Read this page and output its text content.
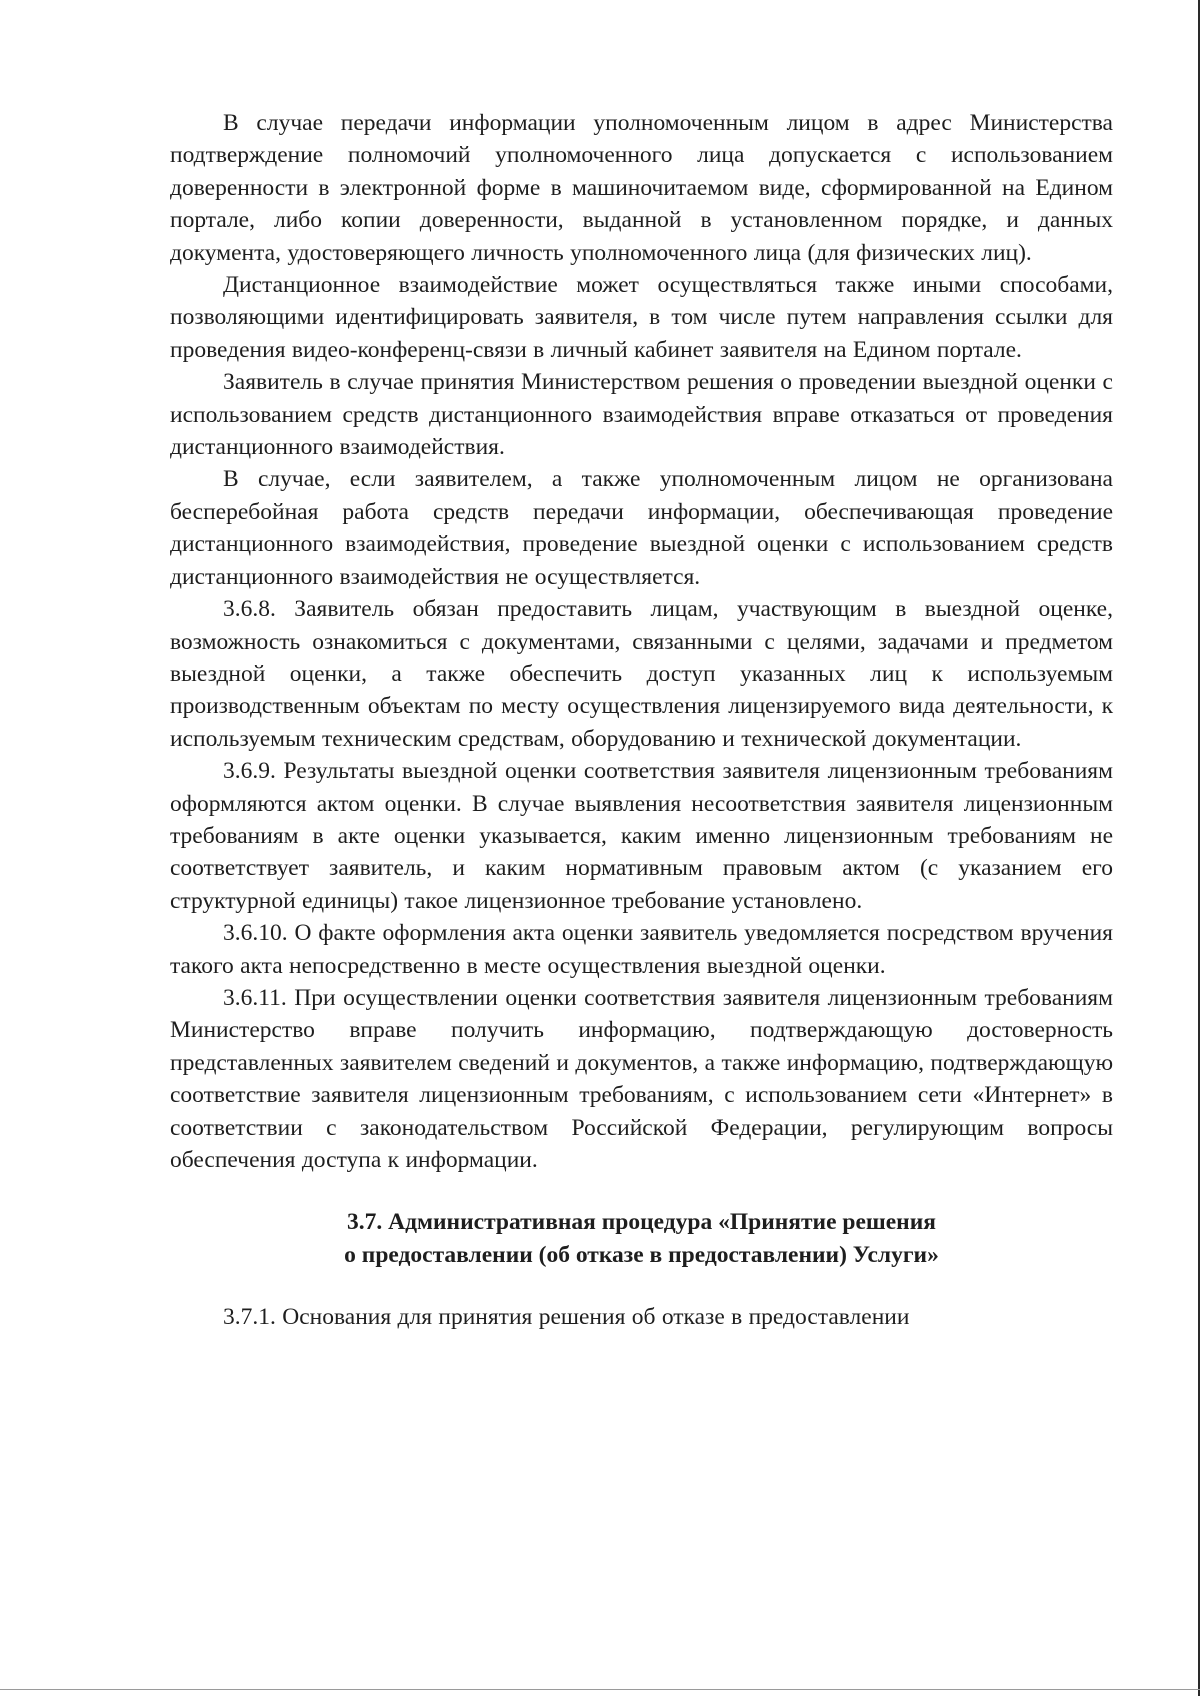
В случае передачи информации уполномоченным лицом в адрес Министерства подтверждение полномочий уполномоченного лица допускается с использованием доверенности в электронной форме в машиночитаемом виде, сформированной на Едином портале, либо копии доверенности, выданной в установленном порядке, и данных документа, удостоверяющего личность уполномоченного лица (для физических лиц).

Дистанционное взаимодействие может осуществляться также иными способами, позволяющими идентифицировать заявителя, в том числе путем направления ссылки для проведения видео-конференц-связи в личный кабинет заявителя на Едином портале.

Заявитель в случае принятия Министерством решения о проведении выездной оценки с использованием средств дистанционного взаимодействия вправе отказаться от проведения дистанционного взаимодействия.

В случае, если заявителем, а также уполномоченным лицом не организована бесперебойная работа средств передачи информации, обеспечивающая проведение дистанционного взаимодействия, проведение выездной оценки с использованием средств дистанционного взаимодействия не осуществляется.

3.6.8. Заявитель обязан предоставить лицам, участвующим в выездной оценке, возможность ознакомиться с документами, связанными с целями, задачами и предметом выездной оценки, а также обеспечить доступ указанных лиц к используемым производственным объектам по месту осуществления лицензируемого вида деятельности, к используемым техническим средствам, оборудованию и технической документации.

3.6.9. Результаты выездной оценки соответствия заявителя лицензионным требованиям оформляются актом оценки. В случае выявления несоответствия заявителя лицензионным требованиям в акте оценки указывается, каким именно лицензионным требованиям не соответствует заявитель, и каким нормативным правовым актом (с указанием его структурной единицы) такое лицензионное требование установлено.

3.6.10. О факте оформления акта оценки заявитель уведомляется посредством вручения такого акта непосредственно в месте осуществления выездной оценки.

3.6.11. При осуществлении оценки соответствия заявителя лицензионным требованиям Министерство вправе получить информацию, подтверждающую достоверность представленных заявителем сведений и документов, а также информацию, подтверждающую соответствие заявителя лицензионным требованиям, с использованием сети «Интернет» в соответствии с законодательством Российской Федерации, регулирующим вопросы обеспечения доступа к информации.

3.7. Административная процедура «Принятие решения

о предоставлении (об отказе в предоставлении) Услуги»

3.7.1. Основания для принятия решения об отказе в предоставлении
